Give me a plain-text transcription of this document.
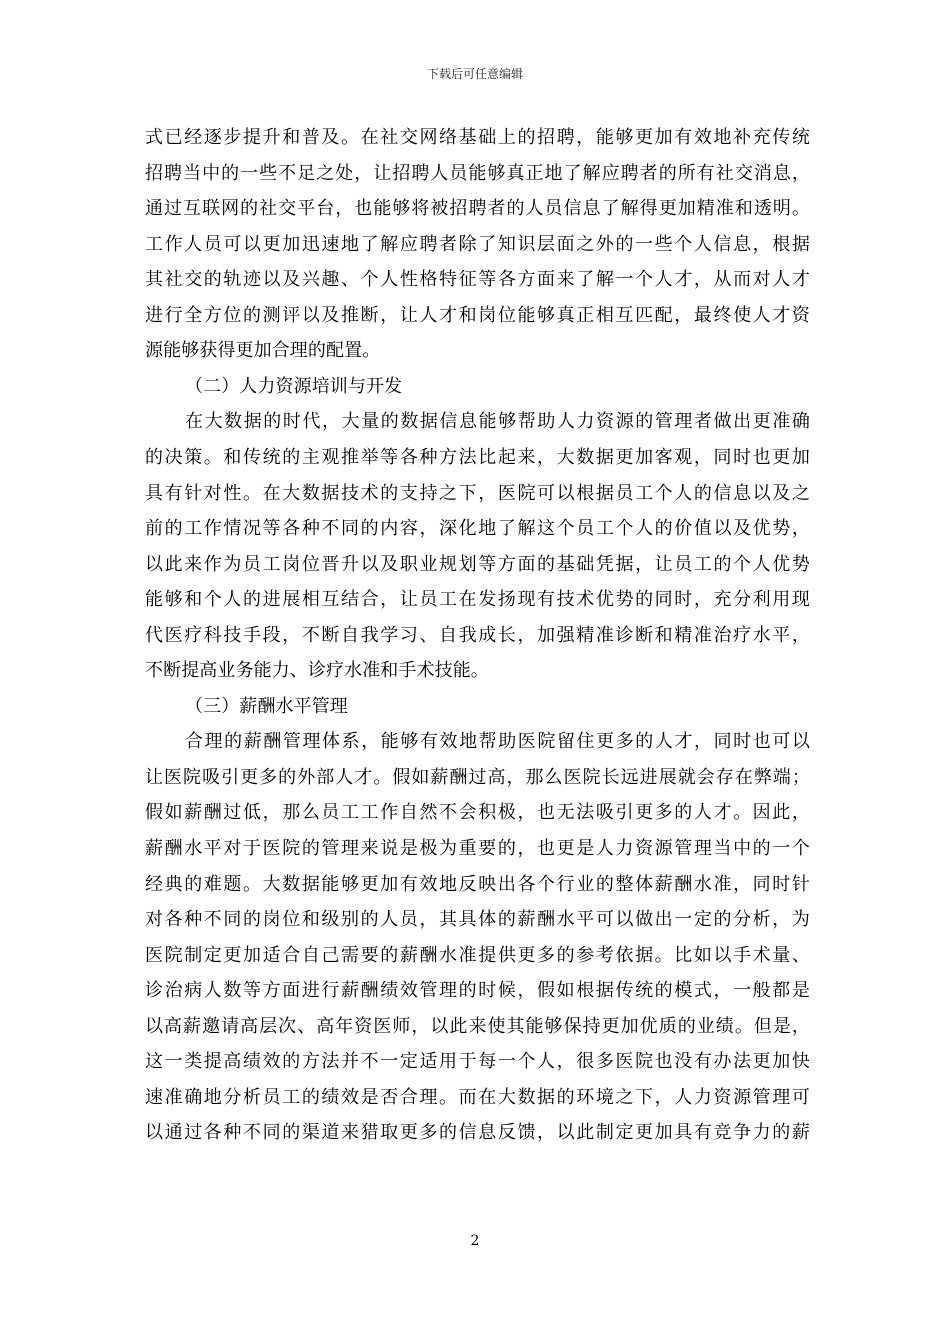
下载后可任意编辑
式已经逐步提升和普及。在社交网络基础上的招聘，能够更加有效地补充传统
招聘当中的一些不足之处，让招聘人员能够真正地了解应聘者的所有社交消息，
通过互联网的社交平台，也能够将被招聘者的人员信息了解得更加精准和透明。
工作人员可以更加迅速地了解应聘者除了知识层面之外的一些个人信息，根据
其社交的轨迹以及兴趣、个人性格特征等各方面来了解一个人才，从而对人才
进行全方位的测评以及推断，让人才和岗位能够真正相互匹配，最终使人才资
源能够获得更加合理的配置。
（二）人力资源培训与开发
在大数据的时代，大量的数据信息能够帮助人力资源的管理者做出更准确
的决策。和传统的主观推举等各种方法比起来，大数据更加客观，同时也更加
具有针对性。在大数据技术的支持之下，医院可以根据员工个人的信息以及之
前的工作情况等各种不同的内容，深化地了解这个员工个人的价值以及优势，
以此来作为员工岗位晋升以及职业规划等方面的基础凭据，让员工的个人优势
能够和个人的进展相互结合，让员工在发扬现有技术优势的同时，充分利用现
代医疗科技手段，不断自我学习、自我成长，加强精准诊断和精准治疗水平，
不断提高业务能力、诊疗水准和手术技能。
（三）薪酬水平管理
合理的薪酬管理体系，能够有效地帮助医院留住更多的人才，同时也可以
让医院吸引更多的外部人才。假如薪酬过高，那么医院长远进展就会存在弊端；
假如薪酬过低，那么员工工作自然不会积极，也无法吸引更多的人才。因此，
薪酬水平对于医院的管理来说是极为重要的，也更是人力资源管理当中的一个
经典的难题。大数据能够更加有效地反映出各个行业的整体薪酬水准，同时针
对各种不同的岗位和级别的人员，其具体的薪酬水平可以做出一定的分析，为
医院制定更加适合自己需要的薪酬水准提供更多的参考依据。比如以手术量、
诊治病人数等方面进行薪酬绩效管理的时候，假如根据传统的模式，一般都是
以高薪邀请高层次、高年资医师，以此来使其能够保持更加优质的业绩。但是，
这一类提高绩效的方法并不一定适用于每一个人，很多医院也没有办法更加快
速准确地分析员工的绩效是否合理。而在大数据的环境之下，人力资源管理可
以通过各种不同的渠道来猎取更多的信息反馈，以此制定更加具有竞争力的薪
2
